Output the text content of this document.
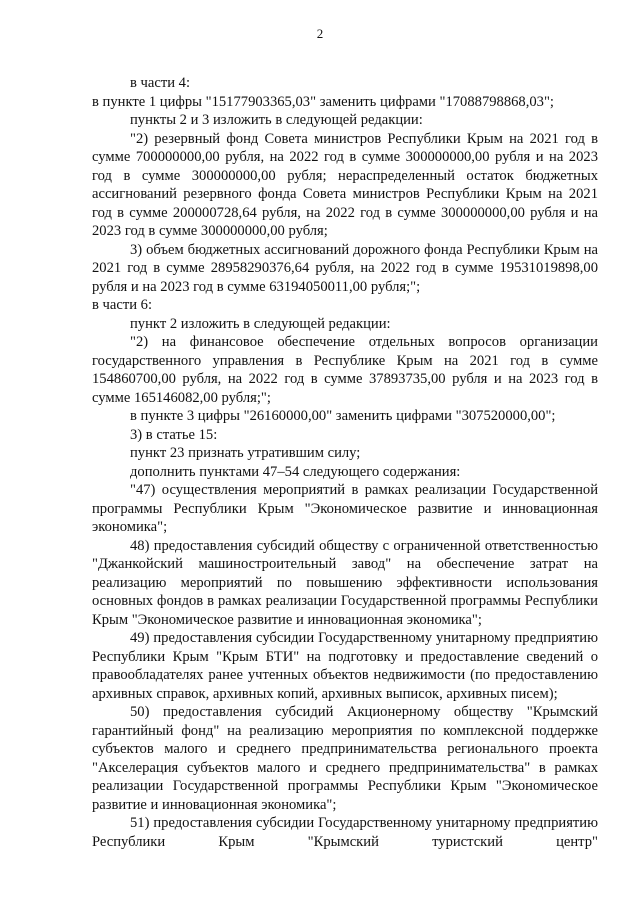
2

в части 4:

в пункте 1 цифры "15177903365,03" заменить цифрами "17088798868,03";

пункты 2 и 3 изложить в следующей редакции:

"2) резервный фонд Совета министров Республики Крым на 2021 год в сумме 700000000,00 рубля, на 2022 год в сумме 300000000,00 рубля и на 2023 год в сумме 300000000,00 рубля; нераспределенный остаток бюджетных ассигнований резервного фонда Совета министров Республики Крым на 2021 год в сумме 200000728,64 рубля, на 2022 год в сумме 300000000,00 рубля и на 2023 год в сумме 300000000,00 рубля;

3) объем бюджетных ассигнований дорожного фонда Республики Крым на 2021 год в сумме 28958290376,64 рубля, на 2022 год в сумме 19531019898,00 рубля и на 2023 год в сумме 63194050011,00 рубля;";

в части 6:

пункт 2 изложить в следующей редакции:

"2) на финансовое обеспечение отдельных вопросов организации государственного управления в Республике Крым на 2021 год в сумме 154860700,00 рубля, на 2022 год в сумме 37893735,00 рубля и на 2023 год в сумме 165146082,00 рубля;";

в пункте 3 цифры "26160000,00" заменить цифрами "307520000,00";

3) в статье 15:

пункт 23 признать утратившим силу;

дополнить пунктами 47–54 следующего содержания:

"47) осуществления мероприятий в рамках реализации Государственной программы Республики Крым "Экономическое развитие и инновационная экономика";

48) предоставления субсидий обществу с ограниченной ответственностью "Джанкойский машиностроительный завод" на обеспечение затрат на реализацию мероприятий по повышению эффективности использования основных фондов в рамках реализации Государственной программы Республики Крым "Экономическое развитие и инновационная экономика";

49) предоставления субсидии Государственному унитарному предприятию Республики Крым "Крым БТИ" на подготовку и предоставление сведений о правообладателях ранее учтенных объектов недвижимости (по предоставлению архивных справок, архивных копий, архивных выписок, архивных писем);

50) предоставления субсидий Акционерному обществу "Крымский гарантийный фонд" на реализацию мероприятия по комплексной поддержке субъектов малого и среднего предпринимательства регионального проекта "Акселерация субъектов малого и среднего предпринимательства" в рамках реализации Государственной программы Республики Крым "Экономическое развитие и инновационная экономика";

51) предоставления субсидии Государственному унитарному предприятию Республики Крым "Крымский туристский центр"
